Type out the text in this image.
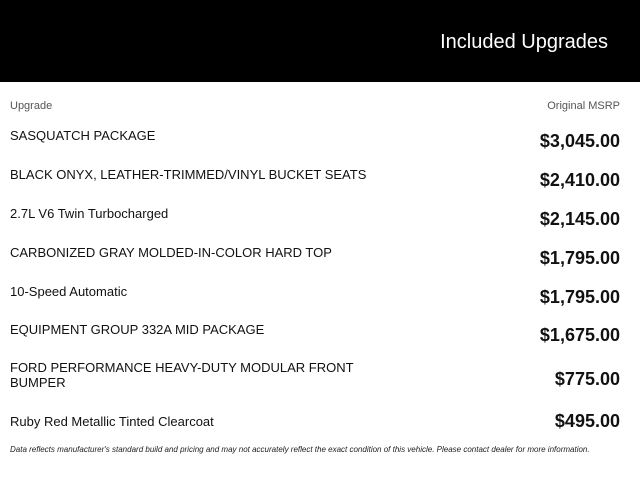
Included Upgrades
Upgrade	Original MSRP
SASQUATCH PACKAGE	$3,045.00
BLACK ONYX, LEATHER-TRIMMED/VINYL BUCKET SEATS	$2,410.00
2.7L V6 Twin Turbocharged	$2,145.00
CARBONIZED GRAY MOLDED-IN-COLOR HARD TOP	$1,795.00
10-Speed Automatic	$1,795.00
EQUIPMENT GROUP 332A MID PACKAGE	$1,675.00
FORD PERFORMANCE HEAVY-DUTY MODULAR FRONT BUMPER	$775.00
Ruby Red Metallic Tinted Clearcoat	$495.00
Data reflects manufacturer's standard build and pricing and may not accurately reflect the exact condition of this vehicle. Please contact dealer for more information.
